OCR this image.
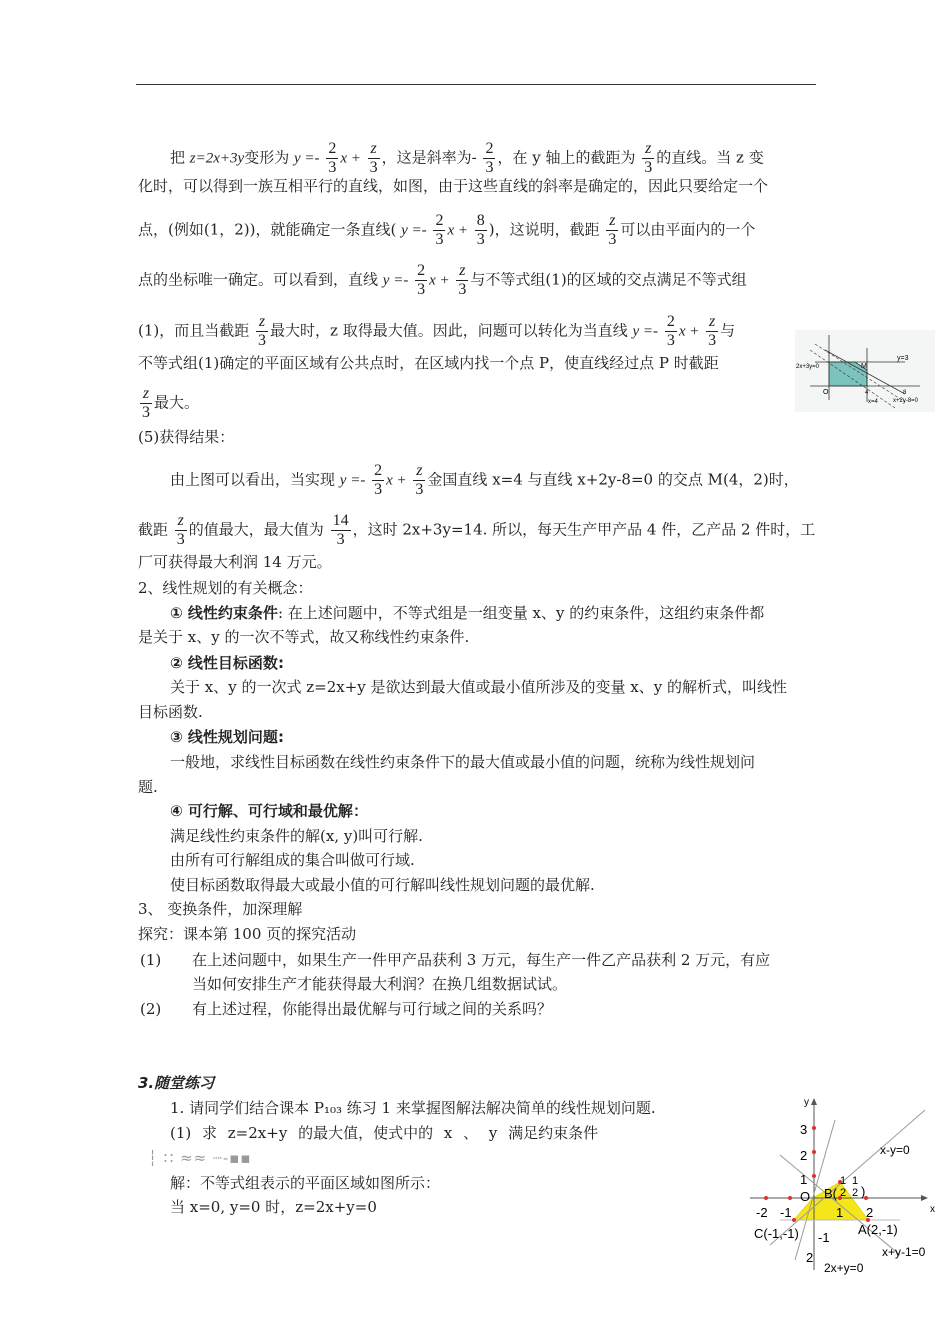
把 z=2x+3y变形为 $y =- \frac{2}{3}$ $x + \frac{z}{3}$ ，这是斜率为- $\frac{2}{3}$ ，在 y 轴上的截距为 $\frac{z}{3}$ 的直线。当 z 变
化时，可以得到一族互相平行的直线，如图，由于这些直线的斜率是确定的，因此只要给定一个
点，(例如(1，2))，就能确定一条直线( $y =- \frac{2}{3}$ $x + \frac{8}{3}$ )，这说明，截距 $\frac{z}{3}$ 可以由平面内的一个
点的坐标唯一确定。可以看到，直线 $y =- \frac{2}{3}$ $x + \frac{z}{3}$ 与不等式组(1)的区域的交点满足不等式组
(1)，而且当截距 $\frac{z}{3}$ 最大时，z 取得最大值。因此，问题可以转化为当直线 $y =- \frac{2}{3}$ $x + \frac{z}{3}$ 与
不等式组(1)确定的平面区域有公共点时，在区域内找一个点 P，使直线经过点 P 时截距
$\frac{z}{3}$ 最大。
y=3
2x+3y=0
x=4	x+2y-8=0
M
O	4	8
(5)获得结果：
由上图可以看出，当实现 $y =- \frac{2}{3}$ $x + \frac{z}{3}$ 金国直线 x=4 与直线 x+2y-8=0 的交点 M(4，2)时，
截距 $\frac{z}{3}$ 的值最大，最大值为 $\frac{14}{3}$ ，这时 2x+3y=14. 所以，每天生产甲产品 4 件，乙产品 2 件时，工
厂可获得最大利润 14 万元。
2、线性规划的有关概念：
① 线性约束条件: 在上述问题中，不等式组是一组变量 x、y 的约束条件，这组约束条件都
是关于 x、y 的一次不等式，故又称线性约束条件.
② 线性目标函数:
关于 x、y 的一次式 z=2x+y 是欲达到最大值或最小值所涉及的变量 x、y 的解析式，叫线性
目标函数.
③ 线性规划问题:
一般地，求线性目标函数在线性约束条件下的最大值或最小值的问题，统称为线性规划问
题.
④ 可行解、可行域和最优解：
满足线性约束条件的解(x, y)叫可行解.
由所有可行解组成的集合叫做可行域.
使目标函数取得最大或最小值的可行解叫线性规划问题的最优解.
3、 变换条件，加深理解
探究：课本第 100 页的探究活动
(1) 在上述问题中，如果生产一件甲产品获利 3 万元，每生产一件乙产品获利 2 万元，有应
当如何安排生产才能获得最大利润？在换几组数据试试。
(2) 有上述过程，你能得出最优解与可行域之间的关系吗？
3.随堂练习
1. 请同学们结合课本 P₁₀₃ 练习 1 来掌握图解法解决简单的线性规划问题.
(1) 求 z=2x+y 的最大值，使式中的 x 、 y 满足约束条件
┆ ∷ ≈≈ ┈-▪▪
解：不等式组表示的平面区域如图所示：
当 x=0, y=0 时，z=2x+y=0
y
x
3
2
1
O B(
1
2
1
2 )
x-y=0
-2 -1	1 2
C(-1,-1)	A(2,-1)
-1
2	x+y-1=0
2x+y=0
